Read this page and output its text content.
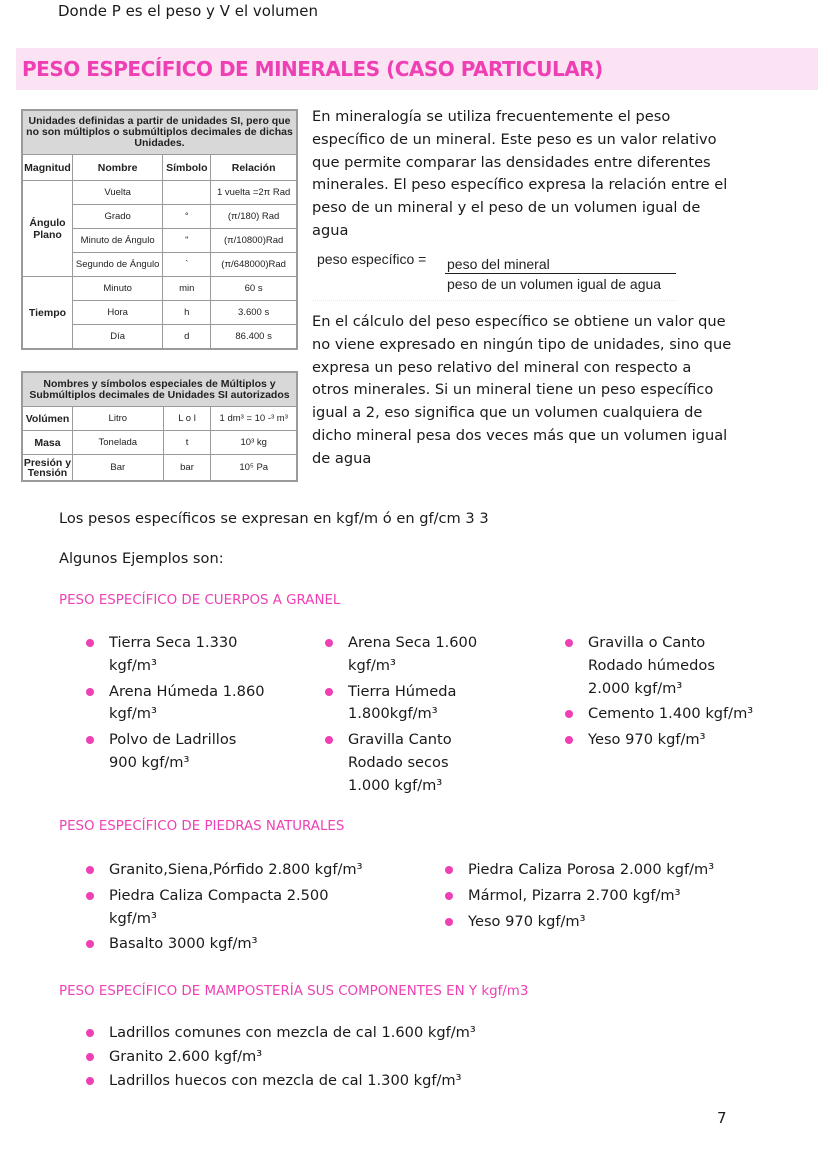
Donde P es el peso y V el volumen
PESO ESPECÍFICO DE MINERALES (CASO PARTICULAR)
Unidades definidas a partir de unidades SI, pero que no son múltiplos o submúltiplos decimales de dichas Unidades.			
Magnitud	Nombre	Símbolo	Relación
Ángulo Plano	Vuelta		1 vuelta =2π Rad
	Grado	°	(π/180) Rad
	Minuto de Ángulo	"	(π/10800)Rad
	Segundo de Ángulo	`	(π/648000)Rad
Tiempo	Minuto	min	60 s
	Hora	h	3.600 s
	Día	d	86.400 s
Nombres y símbolos especiales de Múltiplos y Submúltiplos decimales de Unidades SI autorizados			
Volúmen	Litro	L o l	1 dm³ = 10 -³ m³
Masa	Tonelada	t	10³ kg
Presión y Tensión	Bar	bar	10⁵ Pa
En mineralogía se utiliza frecuentemente el peso específico de un mineral. Este peso es un valor relativo que permite comparar las densidades entre diferentes minerales. El peso específico expresa la relación entre el peso de un mineral y el peso de un volumen igual de agua
peso específico = peso del mineral
peso de un volumen igual de agua
En el cálculo del peso específico se obtiene un valor que no viene expresado en ningún tipo de unidades, sino que expresa un peso relativo del mineral con respecto a otros minerales. Si un mineral tiene un peso específico igual a 2, eso significa que un volumen cualquiera de dicho mineral pesa dos veces más que un volumen igual de agua
Los pesos específicos se expresan en kgf/m ó en gf/cm 3 3
Algunos Ejemplos son:
PESO ESPECÍFICO DE CUERPOS A GRANEL
Tierra Seca 1.330 kgf/m³
Arena Húmeda 1.860 kgf/m³
Polvo de Ladrillos 900 kgf/m³
Arena Seca 1.600 kgf/m³
Tierra Húmeda 1.800kgf/m³
Gravilla Canto Rodado secos 1.000 kgf/m³
Gravilla o Canto Rodado húmedos 2.000 kgf/m³
Cemento 1.400 kgf/m³
Yeso 970 kgf/m³
PESO ESPECÍFICO DE PIEDRAS NATURALES
Granito,Siena,Pórfido 2.800 kgf/m³
Piedra Caliza Compacta 2.500 kgf/m³
Basalto 3000 kgf/m³
Piedra Caliza Porosa 2.000 kgf/m³
Mármol, Pizarra 2.700 kgf/m³
Yeso 970 kgf/m³
PESO ESPECÍFICO DE MAMPOSTERÍA SUS COMPONENTES EN Y kgf/m3
Ladrillos comunes con mezcla de cal 1.600 kgf/m³
Granito 2.600 kgf/m³
Ladrillos huecos con mezcla de cal 1.300 kgf/m³
7
